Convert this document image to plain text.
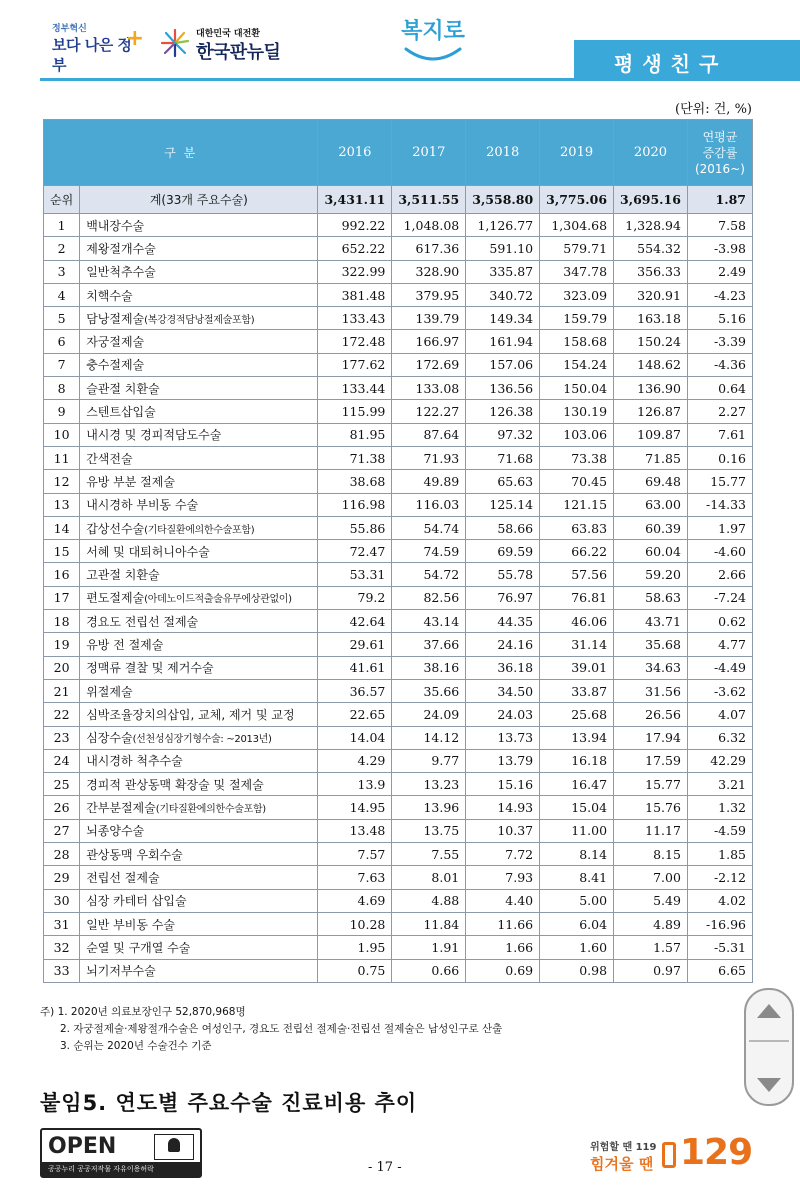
정부혁신
보다 나은 정부
+	대한민국 대전환
한국판뉴딜
복지로
평생친구
(단위: 건, %)
구 분		2016	2017	2018	2019	2020	연평균
증감률
(2016~)

순위	계(33개 주요수술)	3,431.11	3,511.55	3,558.80	3,775.06	3,695.16	1.87
1	백내장수술	992.22	1,048.08	1,126.77	1,304.68	1,328.94	7.58
2	제왕절개수술	652.22	617.36	591.10	579.71	554.32	-3.98
3	일반척추수술	322.99	328.90	335.87	347.78	356.33	2.49
4	치핵수술	381.48	379.95	340.72	323.09	320.91	-4.23
5	담낭절제술(복강경적담낭절제술포함)	133.43	139.79	149.34	159.79	163.18	5.16
6	자궁절제술	172.48	166.97	161.94	158.68	150.24	-3.39
7	충수절제술	177.62	172.69	157.06	154.24	148.62	-4.36
8	슬관절 치환술	133.44	133.08	136.56	150.04	136.90	0.64
9	스텐트삽입술	115.99	122.27	126.38	130.19	126.87	2.27
10	내시경 및 경피적담도수술	81.95	87.64	97.32	103.06	109.87	7.61
11	간색전술	71.38	71.93	71.68	73.38	71.85	0.16
12	유방 부분 절제술	38.68	49.89	65.63	70.45	69.48	15.77
13	내시경하 부비동 수술	116.98	116.03	125.14	121.15	63.00	-14.33
14	갑상선수술(기타질환에의한수술포함)	55.86	54.74	58.66	63.83	60.39	1.97
15	서혜 및 대퇴허니아수술	72.47	74.59	69.59	66.22	60.04	-4.60
16	고관절 치환술	53.31	54.72	55.78	57.56	59.20	2.66
17	편도절제술(아데노이드적출술유무에상관없이)	79.2	82.56	76.97	76.81	58.63	-7.24
18	경요도 전립선 절제술	42.64	43.14	44.35	46.06	43.71	0.62
19	유방 전 절제술	29.61	37.66	24.16	31.14	35.68	4.77
20	정맥류 결찰 및 제거수술	41.61	38.16	36.18	39.01	34.63	-4.49
21	위절제술	36.57	35.66	34.50	33.87	31.56	-3.62
22	심박조율장치의삽입, 교체, 제거 및 교정	22.65	24.09	24.03	25.68	26.56	4.07
23	심장수술(선천성심장기형수술: ~2013년)	14.04	14.12	13.73	13.94	17.94	6.32
24	내시경하 척추수술	4.29	9.77	13.79	16.18	17.59	42.29
25	경피적 관상동맥 확장술 및 절제술	13.9	13.23	15.16	16.47	15.77	3.21
26	간부분절제술(기타질환에의한수술포함)	14.95	13.96	14.93	15.04	15.76	1.32
27	뇌종양수술	13.48	13.75	10.37	11.00	11.17	-4.59
28	관상동맥 우회수술	7.57	7.55	7.72	8.14	8.15	1.85
29	전립선 절제술	7.63	8.01	7.93	8.41	7.00	-2.12
30	심장 카테터 삽입술	4.69	4.88	4.40	5.00	5.49	4.02
31	일반 부비동 수술	10.28	11.84	11.66	6.04	4.89	-16.96
32	순열 및 구개열 수술	1.95	1.91	1.66	1.60	1.57	-5.31
33	뇌기저부수술	0.75	0.66	0.69	0.98	0.97	6.65
주) 1. 2020년 의료보장인구 52,870,968명
2. 자궁절제술·제왕절개수술은 여성인구, 경요도 전립선 절제술·전립선 절제술은 남성인구로 산출
3. 순위는 2020년 수술건수 기준
붙임5. 연도별 주요수술 진료비용 추이
OPEN
공공누리 공공저작물 자유이용허락	- 17 -
위험할 땐 119
힘겨울 땐 129
